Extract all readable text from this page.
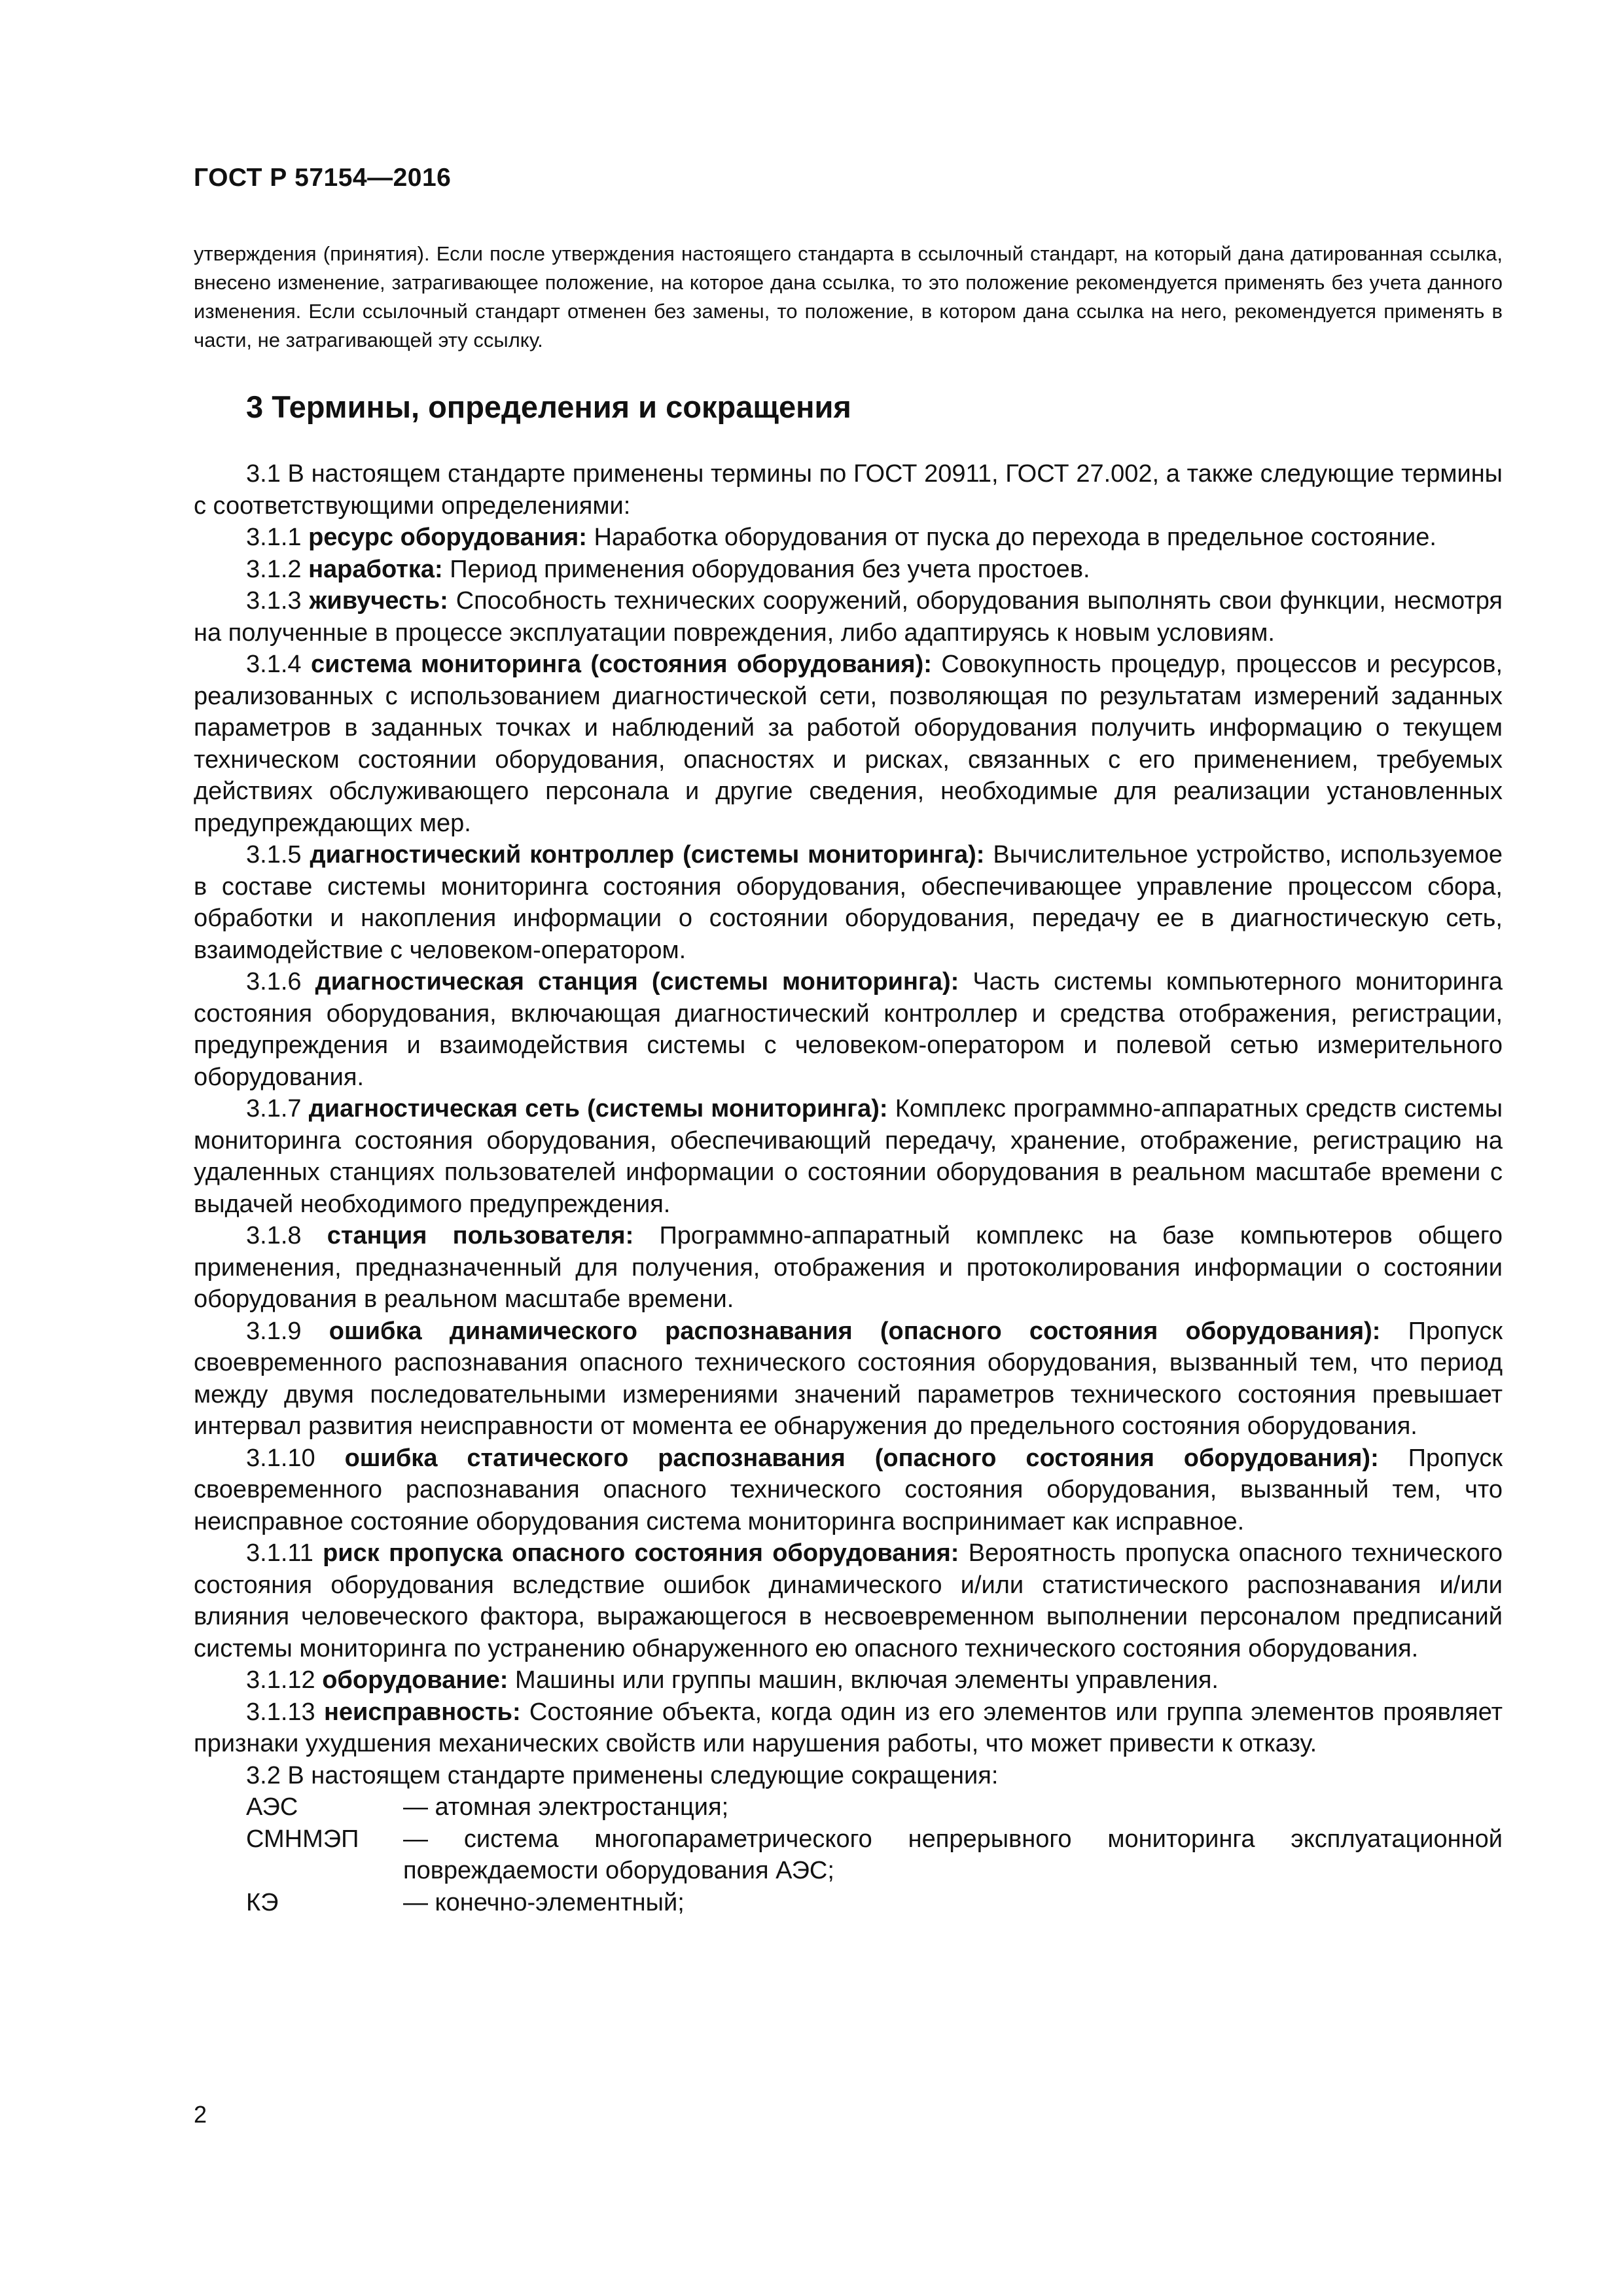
ГОСТ Р 57154—2016
утверждения (принятия). Если после утверждения настоящего стандарта в ссылочный стандарт, на который дана датированная ссылка, внесено изменение, затрагивающее положение, на которое дана ссылка, то это положение рекомендуется применять без учета данного изменения. Если ссылочный стандарт отменен без замены, то положение, в котором дана ссылка на него, рекомендуется применять в части, не затрагивающей эту ссылку.
3 Термины, определения и сокращения

3.1 В настоящем стандарте применены термины по ГОСТ 20911, ГОСТ 27.002, а также следующие термины с соответствующими определениями:

3.1.1 ресурс оборудования: Наработка оборудования от пуска до перехода в предельное состояние.

3.1.2 наработка: Период применения оборудования без учета простоев.

3.1.3 живучесть: Способность технических сооружений, оборудования выполнять свои функции, несмотря на полученные в процессе эксплуатации повреждения, либо адаптируясь к новым условиям.

3.1.4 система мониторинга (состояния оборудования): Совокупность процедур, процессов и ресурсов, реализованных с использованием диагностической сети, позволяющая по результатам измерений заданных параметров в заданных точках и наблюдений за работой оборудования получить информацию о текущем техническом состоянии оборудования, опасностях и рисках, связанных с его применением, требуемых действиях обслуживающего персонала и другие сведения, необходимые для реализации установленных предупреждающих мер.

3.1.5 диагностический контроллер (системы мониторинга): Вычислительное устройство, используемое в составе системы мониторинга состояния оборудования, обеспечивающее управление процессом сбора, обработки и накопления информации о состоянии оборудования, передачу ее в диагностическую сеть, взаимодействие с человеком-оператором.

3.1.6 диагностическая станция (системы мониторинга): Часть системы компьютерного мониторинга состояния оборудования, включающая диагностический контроллер и средства отображения, регистрации, предупреждения и взаимодействия системы с человеком-оператором и полевой сетью измерительного оборудования.

3.1.7 диагностическая сеть (системы мониторинга): Комплекс программно-аппаратных средств системы мониторинга состояния оборудования, обеспечивающий передачу, хранение, отображение, регистрацию на удаленных станциях пользователей информации о состоянии оборудования в реальном масштабе времени с выдачей необходимого предупреждения.

3.1.8 станция пользователя: Программно-аппаратный комплекс на базе компьютеров общего применения, предназначенный для получения, отображения и протоколирования информации о состоянии оборудования в реальном масштабе времени.

3.1.9 ошибка динамического распознавания (опасного состояния оборудования): Пропуск своевременного распознавания опасного технического состояния оборудования, вызванный тем, что период между двумя последовательными измерениями значений параметров технического состояния превышает интервал развития неисправности от момента ее обнаружения до предельного состояния оборудования.

3.1.10 ошибка статического распознавания (опасного состояния оборудования): Пропуск своевременного распознавания опасного технического состояния оборудования, вызванный тем, что неисправное состояние оборудования система мониторинга воспринимает как исправное.

3.1.11 риск пропуска опасного состояния оборудования: Вероятность пропуска опасного технического состояния оборудования вследствие ошибок динамического и/или статистического распознавания и/или влияния человеческого фактора, выражающегося в несвоевременном выполнении персоналом предписаний системы мониторинга по устранению обнаруженного ею опасного технического состояния оборудования.

3.1.12 оборудование: Машины или группы машин, включая элементы управления.

3.1.13 неисправность: Состояние объекта, когда один из его элементов или группа элементов проявляет признаки ухудшения механических свойств или нарушения работы, что может привести к отказу.

3.2 В настоящем стандарте применены следующие сокращения:

АЭС	— атомная электростанция;
СМНМЭП	— система многопараметрического непрерывного мониторинга эксплуатационной повреждаемости оборудования АЭС;
КЭ	— конечно-элементный;
2
